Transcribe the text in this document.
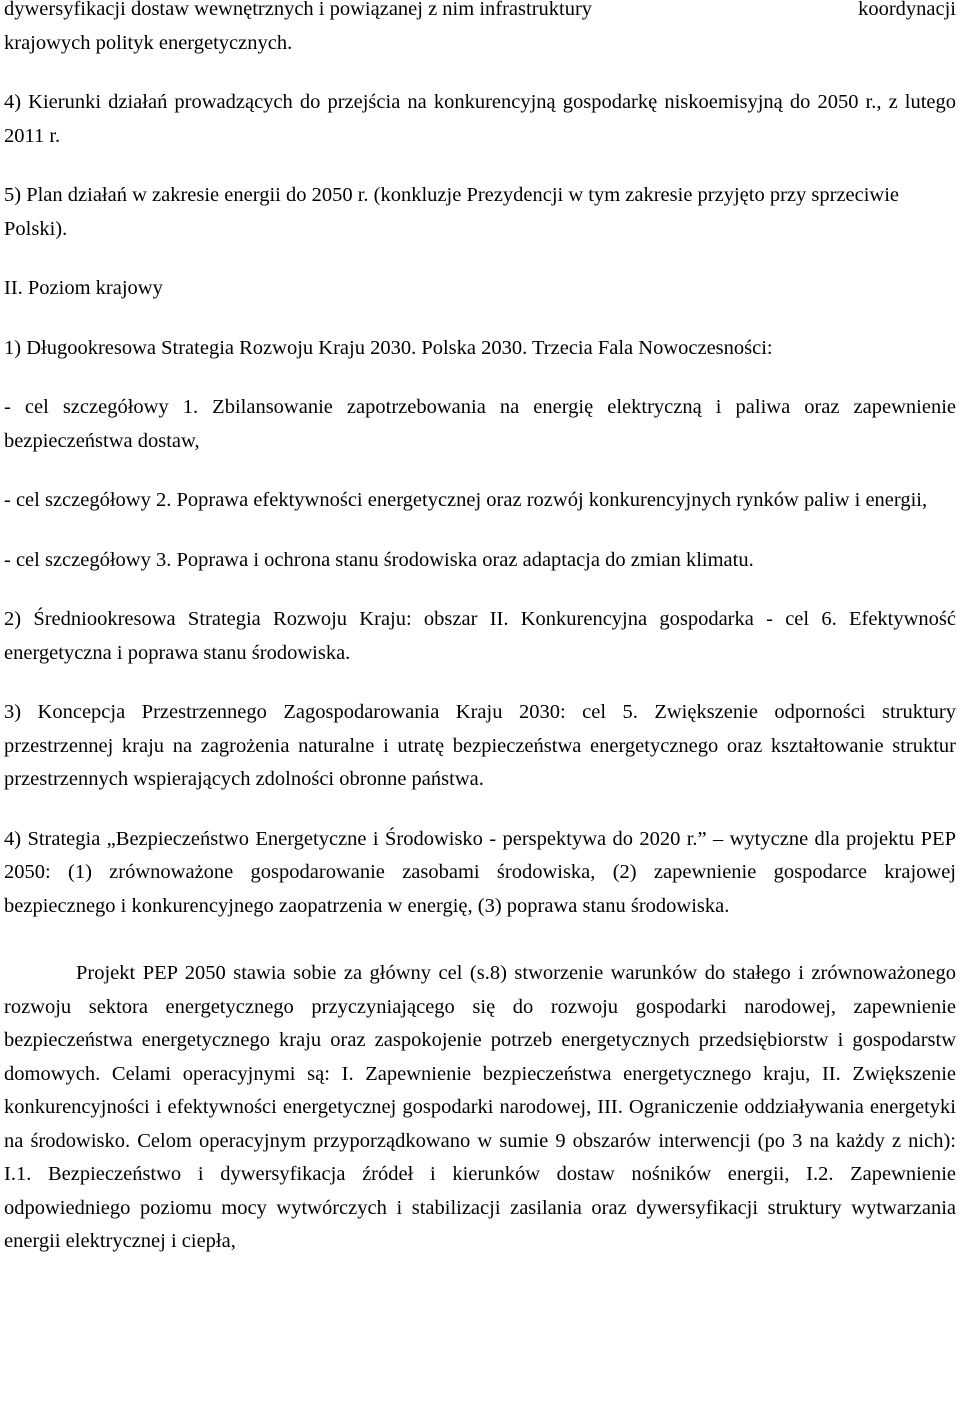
dywersyfikacji dostaw wewnętrznych i powiązanej z nim infrastruktury	koordynacji
krajowych polityk energetycznych.

4) Kierunki działań prowadzących do przejścia na konkurencyjną gospodarkę niskoemisyjną do 2050 r., z lutego 2011 r.

5) Plan działań w zakresie energii do 2050 r. (konkluzje Prezydencji w tym zakresie przyjęto przy sprzeciwie Polski).

II. Poziom krajowy

1) Długookresowa Strategia Rozwoju Kraju 2030. Polska 2030. Trzecia Fala Nowoczesności:

- cel szczegółowy 1. Zbilansowanie zapotrzebowania na energię elektryczną i paliwa oraz zapewnienie bezpieczeństwa dostaw,

- cel szczegółowy 2. Poprawa efektywności energetycznej oraz rozwój konkurencyjnych rynków paliw i energii,

- cel szczegółowy 3. Poprawa i ochrona stanu środowiska oraz adaptacja do zmian klimatu.

2) Średniookresowa Strategia Rozwoju Kraju: obszar II. Konkurencyjna gospodarka - cel 6. Efektywność energetyczna i poprawa stanu środowiska.

3) Koncepcja Przestrzennego Zagospodarowania Kraju 2030: cel 5. Zwiększenie odporności struktury przestrzennej kraju na zagrożenia naturalne i utratę bezpieczeństwa energetycznego oraz kształtowanie struktur przestrzennych wspierających zdolności obronne państwa.

4) Strategia „Bezpieczeństwo Energetyczne i Środowisko - perspektywa do 2020 r.” – wytyczne dla projektu PEP 2050: (1) zrównoważone gospodarowanie zasobami środowiska, (2) zapewnienie gospodarce krajowej bezpiecznego i konkurencyjnego zaopatrzenia w energię, (3) poprawa stanu środowiska.

Projekt PEP 2050 stawia sobie za główny cel (s.8) stworzenie warunków do stałego i zrównoważonego rozwoju sektora energetycznego przyczyniającego się do rozwoju gospodarki narodowej, zapewnienie bezpieczeństwa energetycznego kraju oraz zaspokojenie potrzeb energetycznych przedsiębiorstw i gospodarstw domowych. Celami operacyjnymi są: I. Zapewnienie bezpieczeństwa energetycznego kraju, II. Zwiększenie konkurencyjności i efektywności energetycznej gospodarki narodowej, III. Ograniczenie oddziaływania energetyki na środowisko. Celom operacyjnym przyporządkowano w sumie 9 obszarów interwencji (po 3 na każdy z nich): I.1. Bezpieczeństwo i dywersyfikacja źródeł i kierunków dostaw nośników energii, I.2. Zapewnienie odpowiedniego poziomu mocy wytwórczych i stabilizacji zasilania oraz dywersyfikacji struktury wytwarzania energii elektrycznej i ciepła,
